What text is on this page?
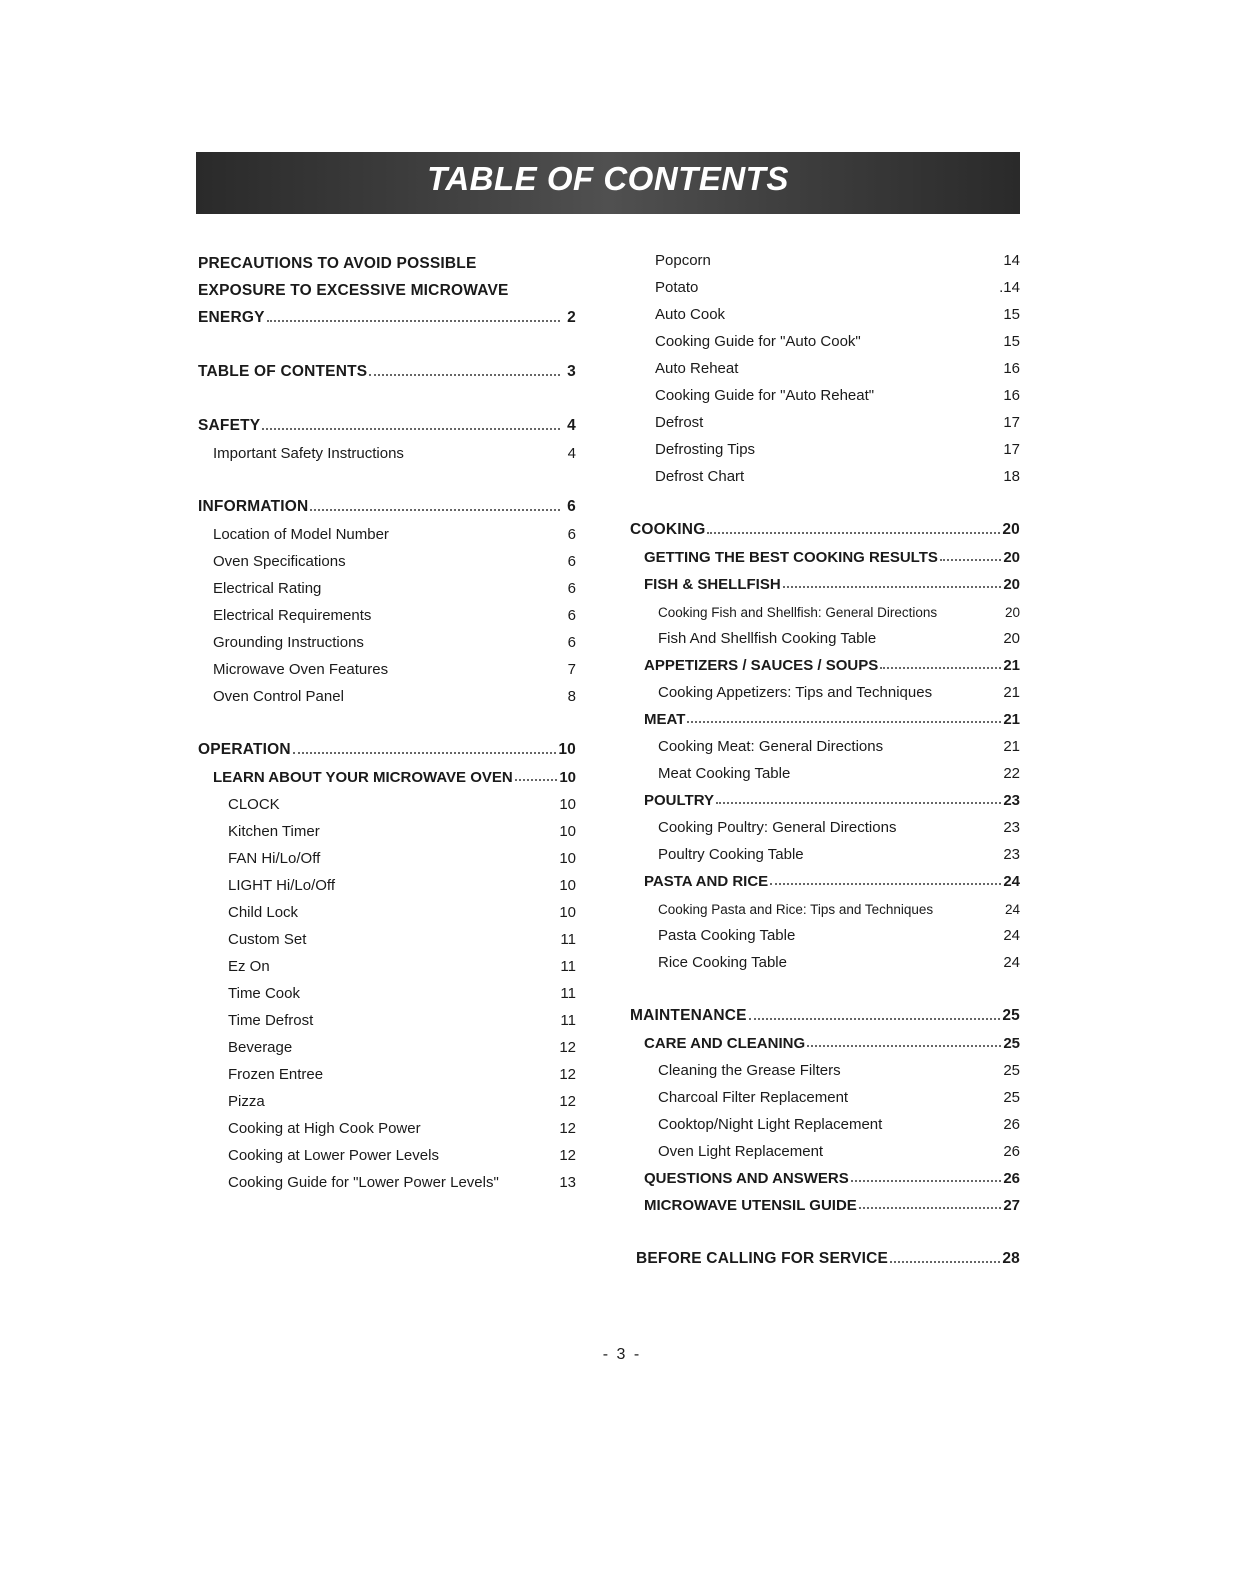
TABLE OF CONTENTS
PRECAUTIONS TO AVOID POSSIBLE
EXPOSURE TO EXCESSIVE MICROWAVE
ENERGY	2
TABLE OF CONTENTS	3
SAFETY	4
Important Safety Instructions	4
INFORMATION	6
Location of Model Number	6
Oven Specifications	6
Electrical Rating	6
Electrical Requirements	6
Grounding Instructions	6
Microwave Oven Features	7
Oven Control Panel	8
OPERATION	10
LEARN ABOUT YOUR MICROWAVE OVEN	10
CLOCK	10
Kitchen Timer	10
FAN Hi/Lo/Off	10
LIGHT Hi/Lo/Off	10
Child Lock	10
Custom Set	11
Ez On	11
Time Cook	11
Time Defrost	11
Beverage	12
Frozen Entree	12
Pizza	12
Cooking at High Cook Power	12
Cooking at Lower Power Levels	12
Cooking Guide for "Lower Power Levels"	13
Popcorn	14
Potato	.14
Auto Cook	15
Cooking Guide for "Auto Cook"	15
Auto Reheat	16
Cooking Guide for "Auto Reheat"	16
Defrost	17
Defrosting Tips	17
Defrost Chart	18
COOKING	20
GETTING THE BEST COOKING RESULTS	20
FISH & SHELLFISH	20
Cooking Fish and Shellfish: General Directions	20
Fish And Shellfish Cooking Table	20
APPETIZERS / SAUCES / SOUPS	21
Cooking Appetizers: Tips and Techniques	21
MEAT	21
Cooking Meat: General Directions	21
Meat Cooking Table	22
POULTRY	23
Cooking Poultry: General Directions	23
Poultry Cooking Table	23
PASTA AND RICE	24
Cooking Pasta and Rice: Tips and Techniques	24
Pasta Cooking Table	24
Rice Cooking Table	24
MAINTENANCE	25
CARE AND CLEANING	25
Cleaning the Grease Filters	25
Charcoal Filter Replacement	25
Cooktop/Night Light Replacement	26
Oven Light Replacement	26
QUESTIONS AND ANSWERS	26
MICROWAVE UTENSIL GUIDE	27
BEFORE CALLING FOR SERVICE	28
- 3 -
